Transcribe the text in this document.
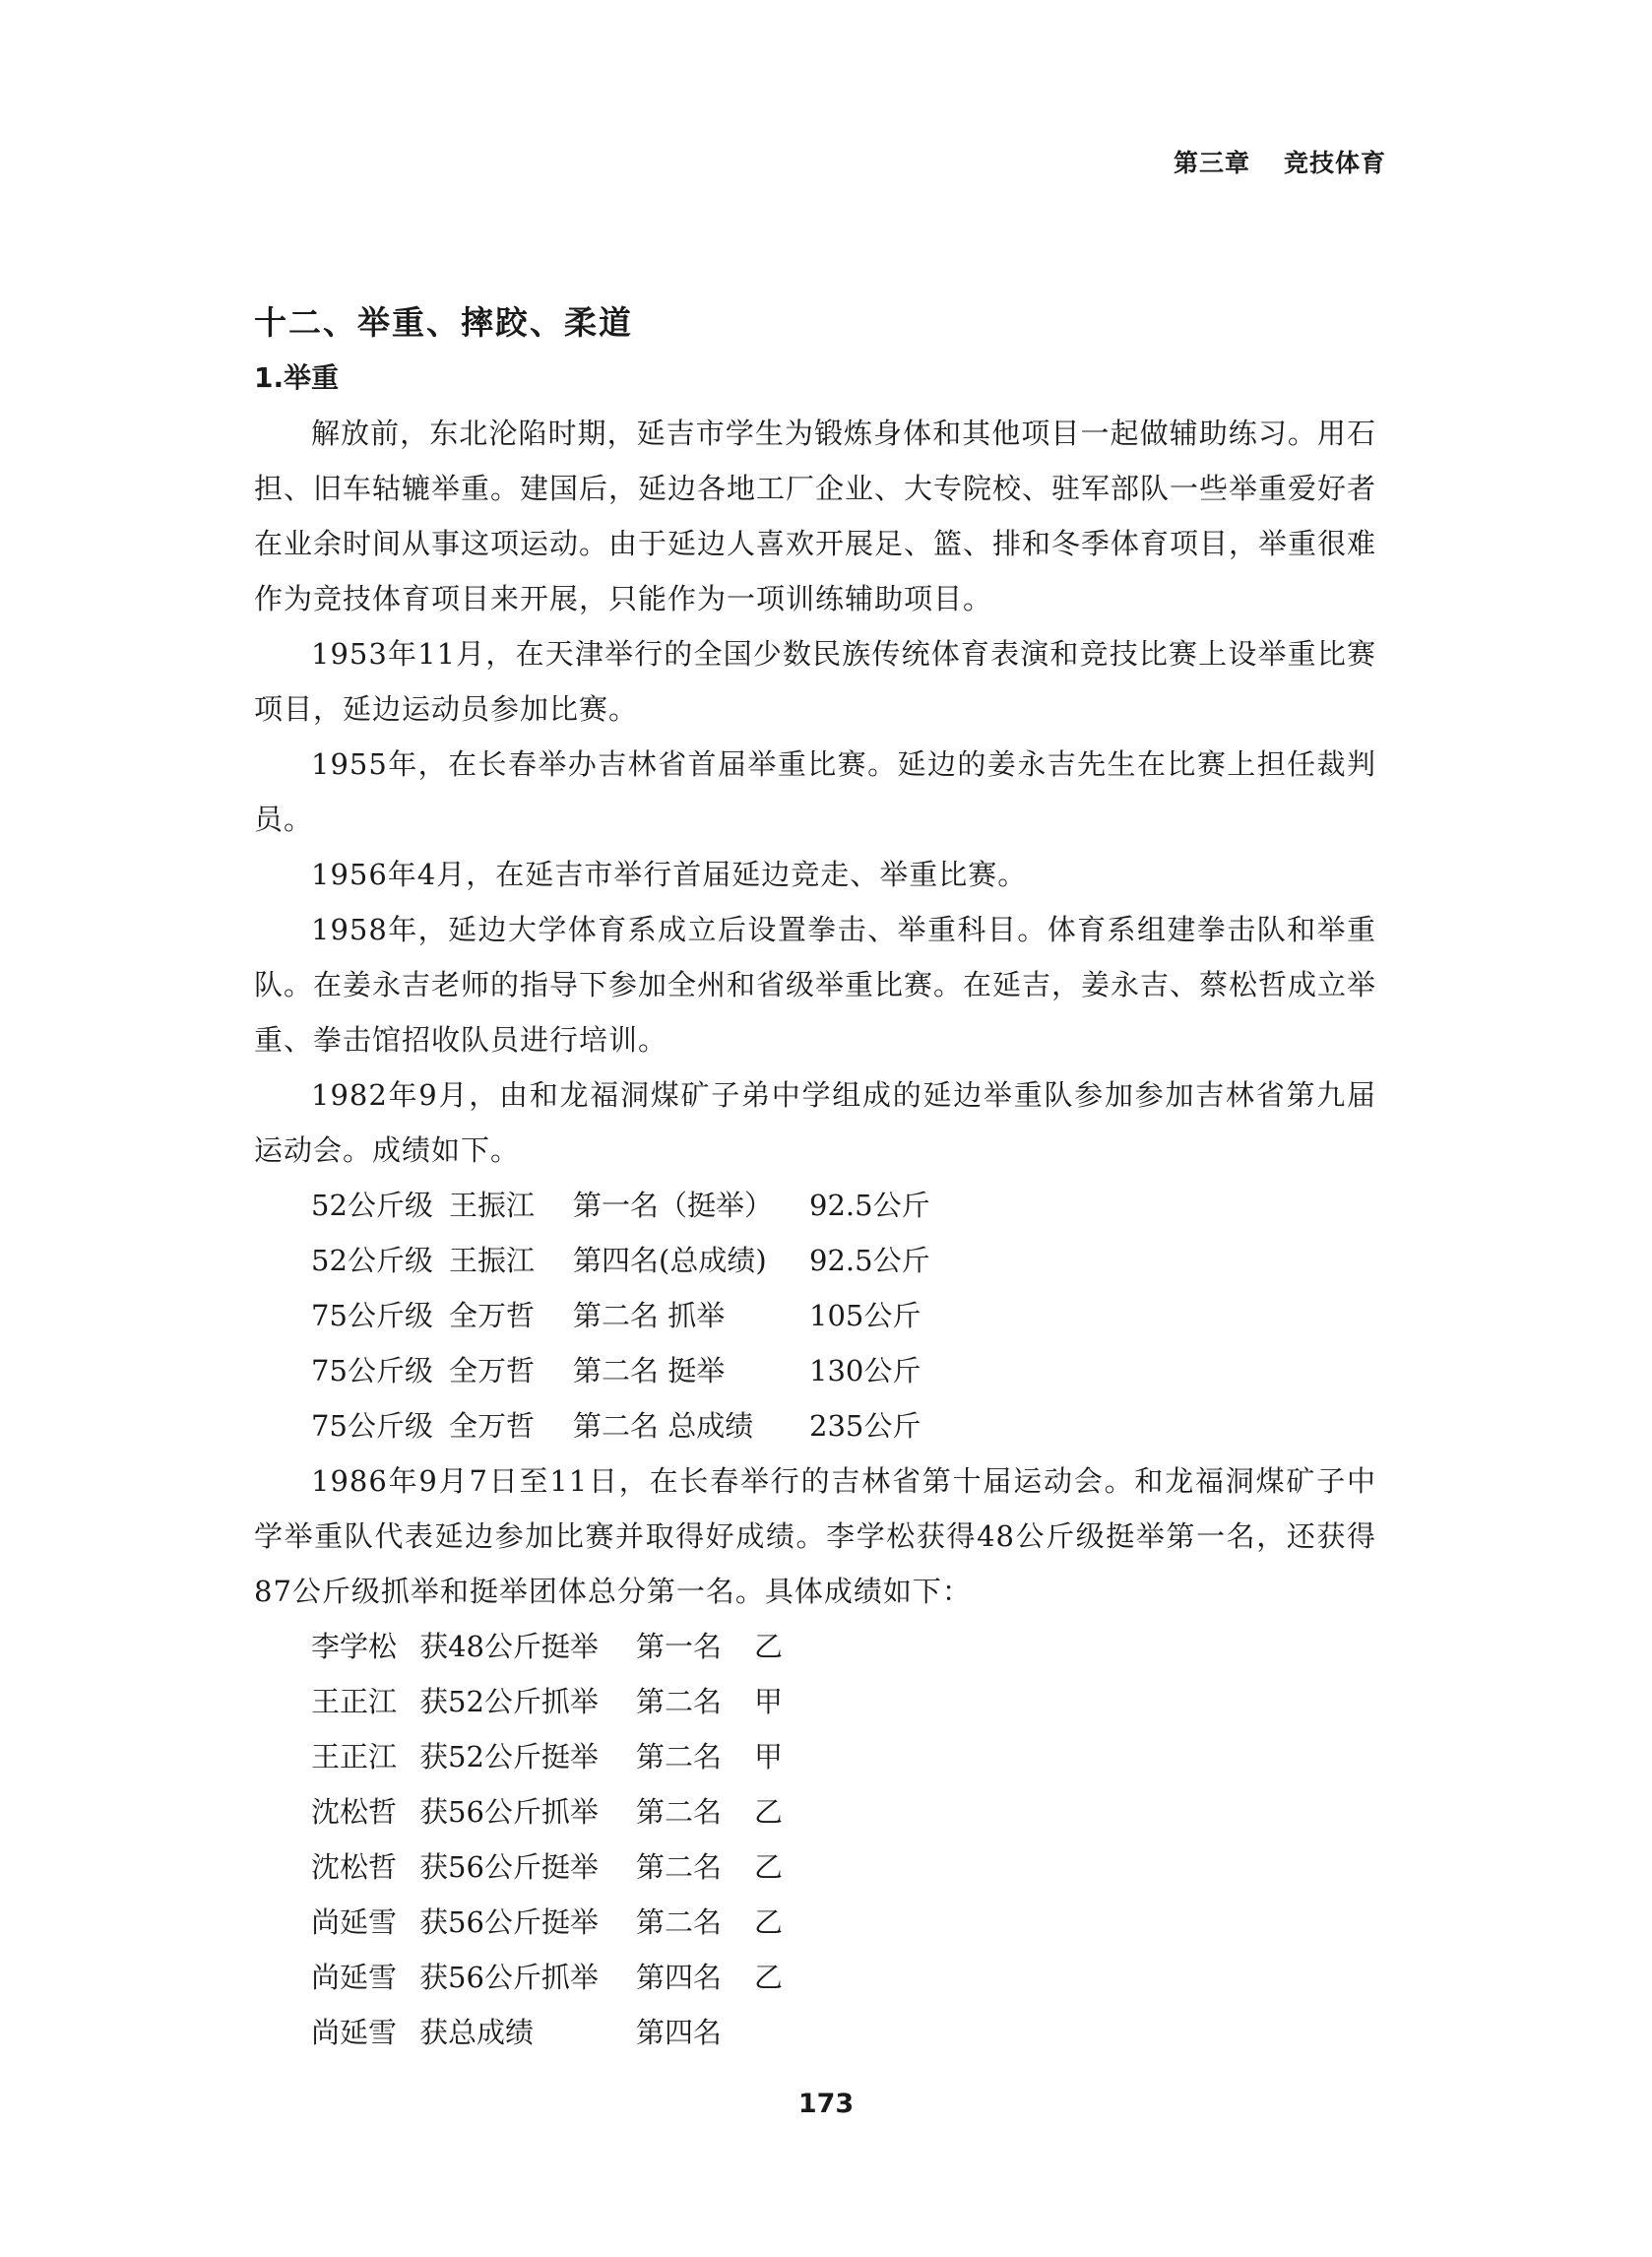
第三章 竞技体育
十二、举重、摔跤、柔道
1.举重

解放前，东北沦陷时期，延吉市学生为锻炼身体和其他项目一起做辅助练习。用石担、旧车轱辘举重。建国后，延边各地工厂企业、大专院校、驻军部队一些举重爱好者在业余时间从事这项运动。由于延边人喜欢开展足、篮、排和冬季体育项目，举重很难作为竞技体育项目来开展，只能作为一项训练辅助项目。

1953年11月，在天津举行的全国少数民族传统体育表演和竞技比赛上设举重比赛项目，延边运动员参加比赛。

1955年，在长春举办吉林省首届举重比赛。延边的姜永吉先生在比赛上担任裁判员。

1956年4月，在延吉市举行首届延边竞走、举重比赛。

1958年，延边大学体育系成立后设置拳击、举重科目。体育系组建拳击队和举重队。在姜永吉老师的指导下参加全州和省级举重比赛。在延吉，姜永吉、蔡松哲成立举重、拳击馆招收队员进行培训。

1982年9月，由和龙福洞煤矿子弟中学组成的延边举重队参加参加吉林省第九届运动会。成绩如下。

52公斤级 王振江	第一名（挺举）	92.5公斤
52公斤级 王振江	第四名(总成绩)	92.5公斤
75公斤级 全万哲	第二名 抓举	105公斤
75公斤级 全万哲	第二名 挺举	130公斤
75公斤级 全万哲	第二名 总成绩	235公斤

1986年9月7日至11日，在长春举行的吉林省第十届运动会。和龙福洞煤矿子中学举重队代表延边参加比赛并取得好成绩。李学松获得48公斤级挺举第一名，还获得87公斤级抓举和挺举团体总分第一名。具体成绩如下：

李学松 获48公斤挺举	第一名	乙
王正江 获52公斤抓举	第二名	甲
王正江 获52公斤挺举	第二名	甲
沈松哲 获56公斤抓举	第二名	乙
沈松哲 获56公斤挺举	第二名	乙
尚延雪 获56公斤挺举	第二名	乙
尚延雪 获56公斤抓举	第四名	乙
尚延雪 获总成绩	第四名
173
